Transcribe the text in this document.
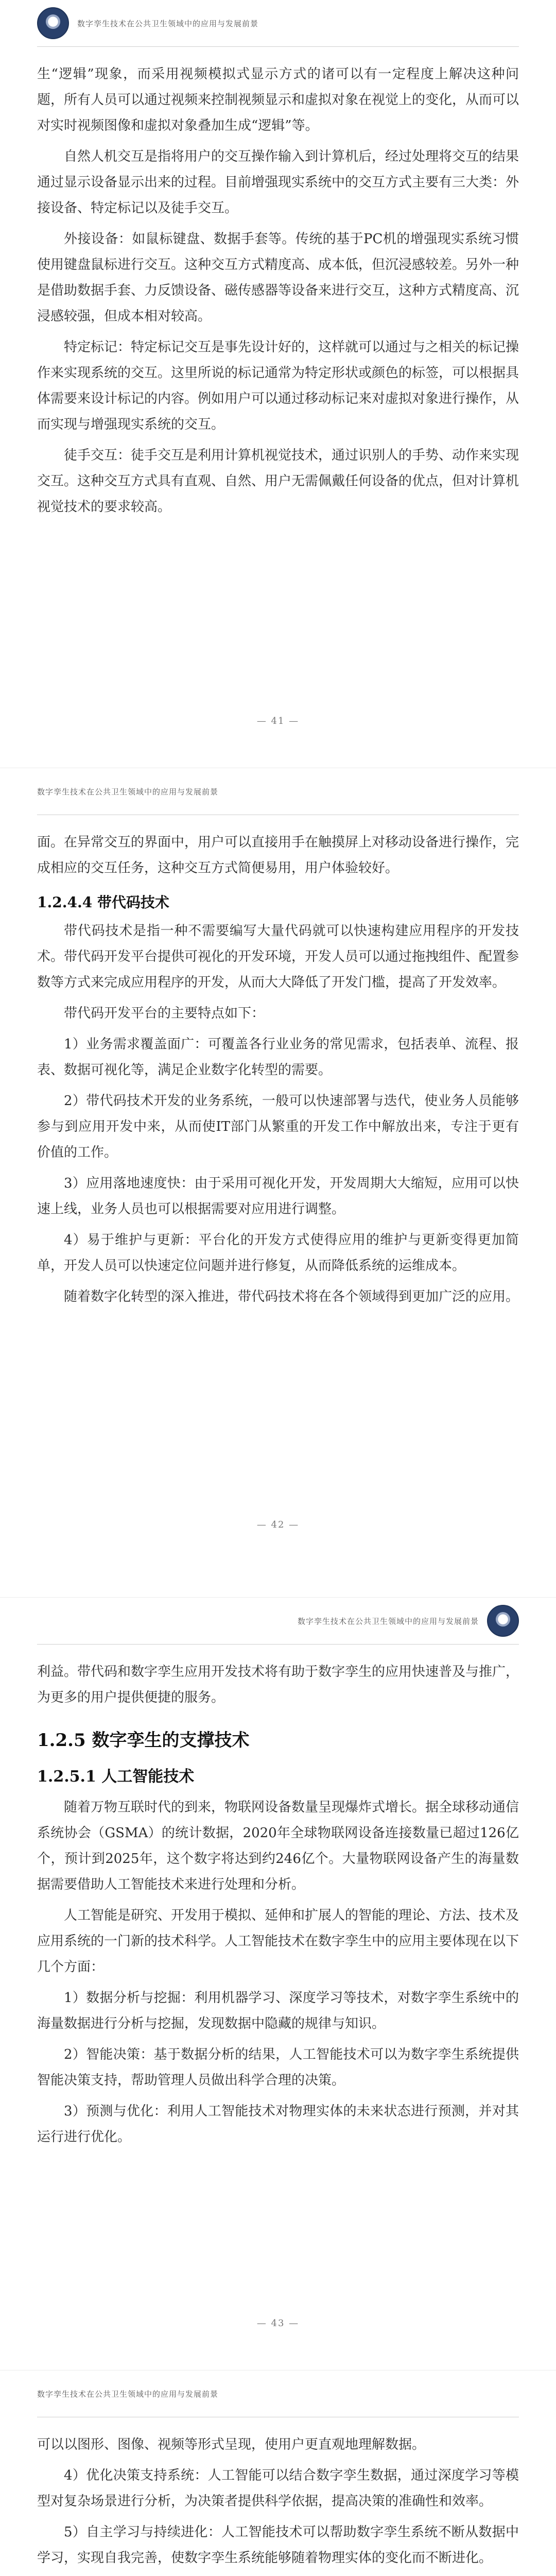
数字孪生技术在公共卫生领域中的应用与发展前景

生“逻辑”现象，而采用视频模拟式显示方式的诸可以有一定程度上解决这种问题，所有人员可以通过视频来控制视频显示和虚拟对象在视觉上的变化，从而可以对实时视频图像和虚拟对象叠加生成“逻辑”等。

自然人机交互是指将用户的交互操作输入到计算机后，经过处理将交互的结果通过显示设备显示出来的过程。目前增强现实系统中的交互方式主要有三大类：外接设备、特定标记以及徒手交互。

外接设备：如鼠标键盘、数据手套等。传统的基于PC机的增强现实系统习惯使用键盘鼠标进行交互。这种交互方式精度高、成本低，但沉浸感较差。另外一种是借助数据手套、力反馈设备、磁传感器等设备来进行交互，这种方式精度高、沉浸感较强，但成本相对较高。

特定标记：特定标记交互是事先设计好的，这样就可以通过与之相关的标记操作来实现系统的交互。这里所说的标记通常为特定形状或颜色的标签，可以根据具体需要来设计标记的内容。例如用户可以通过移动标记来对虚拟对象进行操作，从而实现与增强现实系统的交互。

徒手交互：徒手交互是利用计算机视觉技术，通过识别人的手势、动作来实现交互。这种交互方式具有直观、自然、用户无需佩戴任何设备的优点，但对计算机视觉技术的要求较高。

— 41 —
数字孪生技术在公共卫生领域中的应用与发展前景

面。在异常交互的界面中，用户可以直接用手在触摸屏上对移动设备进行操作，完成相应的交互任务，这种交互方式简便易用，用户体验较好。

1.2.4.4 带代码技术

带代码技术是指一种不需要编写大量代码就可以快速构建应用程序的开发技术。带代码开发平台提供可视化的开发环境，开发人员可以通过拖拽组件、配置参数等方式来完成应用程序的开发，从而大大降低了开发门槛，提高了开发效率。

带代码开发平台的主要特点如下：

1）业务需求覆盖面广：可覆盖各行业业务的常见需求，包括表单、流程、报表、数据可视化等，满足企业数字化转型的需要。

2）带代码技术开发的业务系统，一般可以快速部署与迭代，使业务人员能够参与到应用开发中来，从而使IT部门从繁重的开发工作中解放出来，专注于更有价值的工作。

3）应用落地速度快：由于采用可视化开发，开发周期大大缩短，应用可以快速上线，业务人员也可以根据需要对应用进行调整。

4）易于维护与更新：平台化的开发方式使得应用的维护与更新变得更加简单，开发人员可以快速定位问题并进行修复，从而降低系统的运维成本。

随着数字化转型的深入推进，带代码技术将在各个领域得到更加广泛的应用。

— 42 —
数字孪生技术在公共卫生领域中的应用与发展前景

利益。带代码和数字孪生应用开发技术将有助于数字孪生的应用快速普及与推广，为更多的用户提供便捷的服务。

1.2.5 数字孪生的支撑技术
1.2.5.1 人工智能技术

随着万物互联时代的到来，物联网设备数量呈现爆炸式增长。据全球移动通信系统协会（GSMA）的统计数据，2020年全球物联网设备连接数量已超过126亿个，预计到2025年，这个数字将达到约246亿个。大量物联网设备产生的海量数据需要借助人工智能技术来进行处理和分析。

人工智能是研究、开发用于模拟、延伸和扩展人的智能的理论、方法、技术及应用系统的一门新的技术科学。人工智能技术在数字孪生中的应用主要体现在以下几个方面：

1）数据分析与挖掘：利用机器学习、深度学习等技术，对数字孪生系统中的海量数据进行分析与挖掘，发现数据中隐藏的规律与知识。

2）智能决策：基于数据分析的结果，人工智能技术可以为数字孪生系统提供智能决策支持，帮助管理人员做出科学合理的决策。

3）预测与优化：利用人工智能技术对物理实体的未来状态进行预测，并对其运行进行优化。

— 43 —
数字孪生技术在公共卫生领域中的应用与发展前景

可以以图形、图像、视频等形式呈现，使用户更直观地理解数据。

4）优化决策支持系统：人工智能可以结合数字孪生数据，通过深度学习等模型对复杂场景进行分析，为决策者提供科学依据，提高决策的准确性和效率。

5）自主学习与持续进化：人工智能技术可以帮助数字孪生系统不断从数据中学习，实现自我完善，使数字孪生系统能够随着物理实体的变化而不断进化。
